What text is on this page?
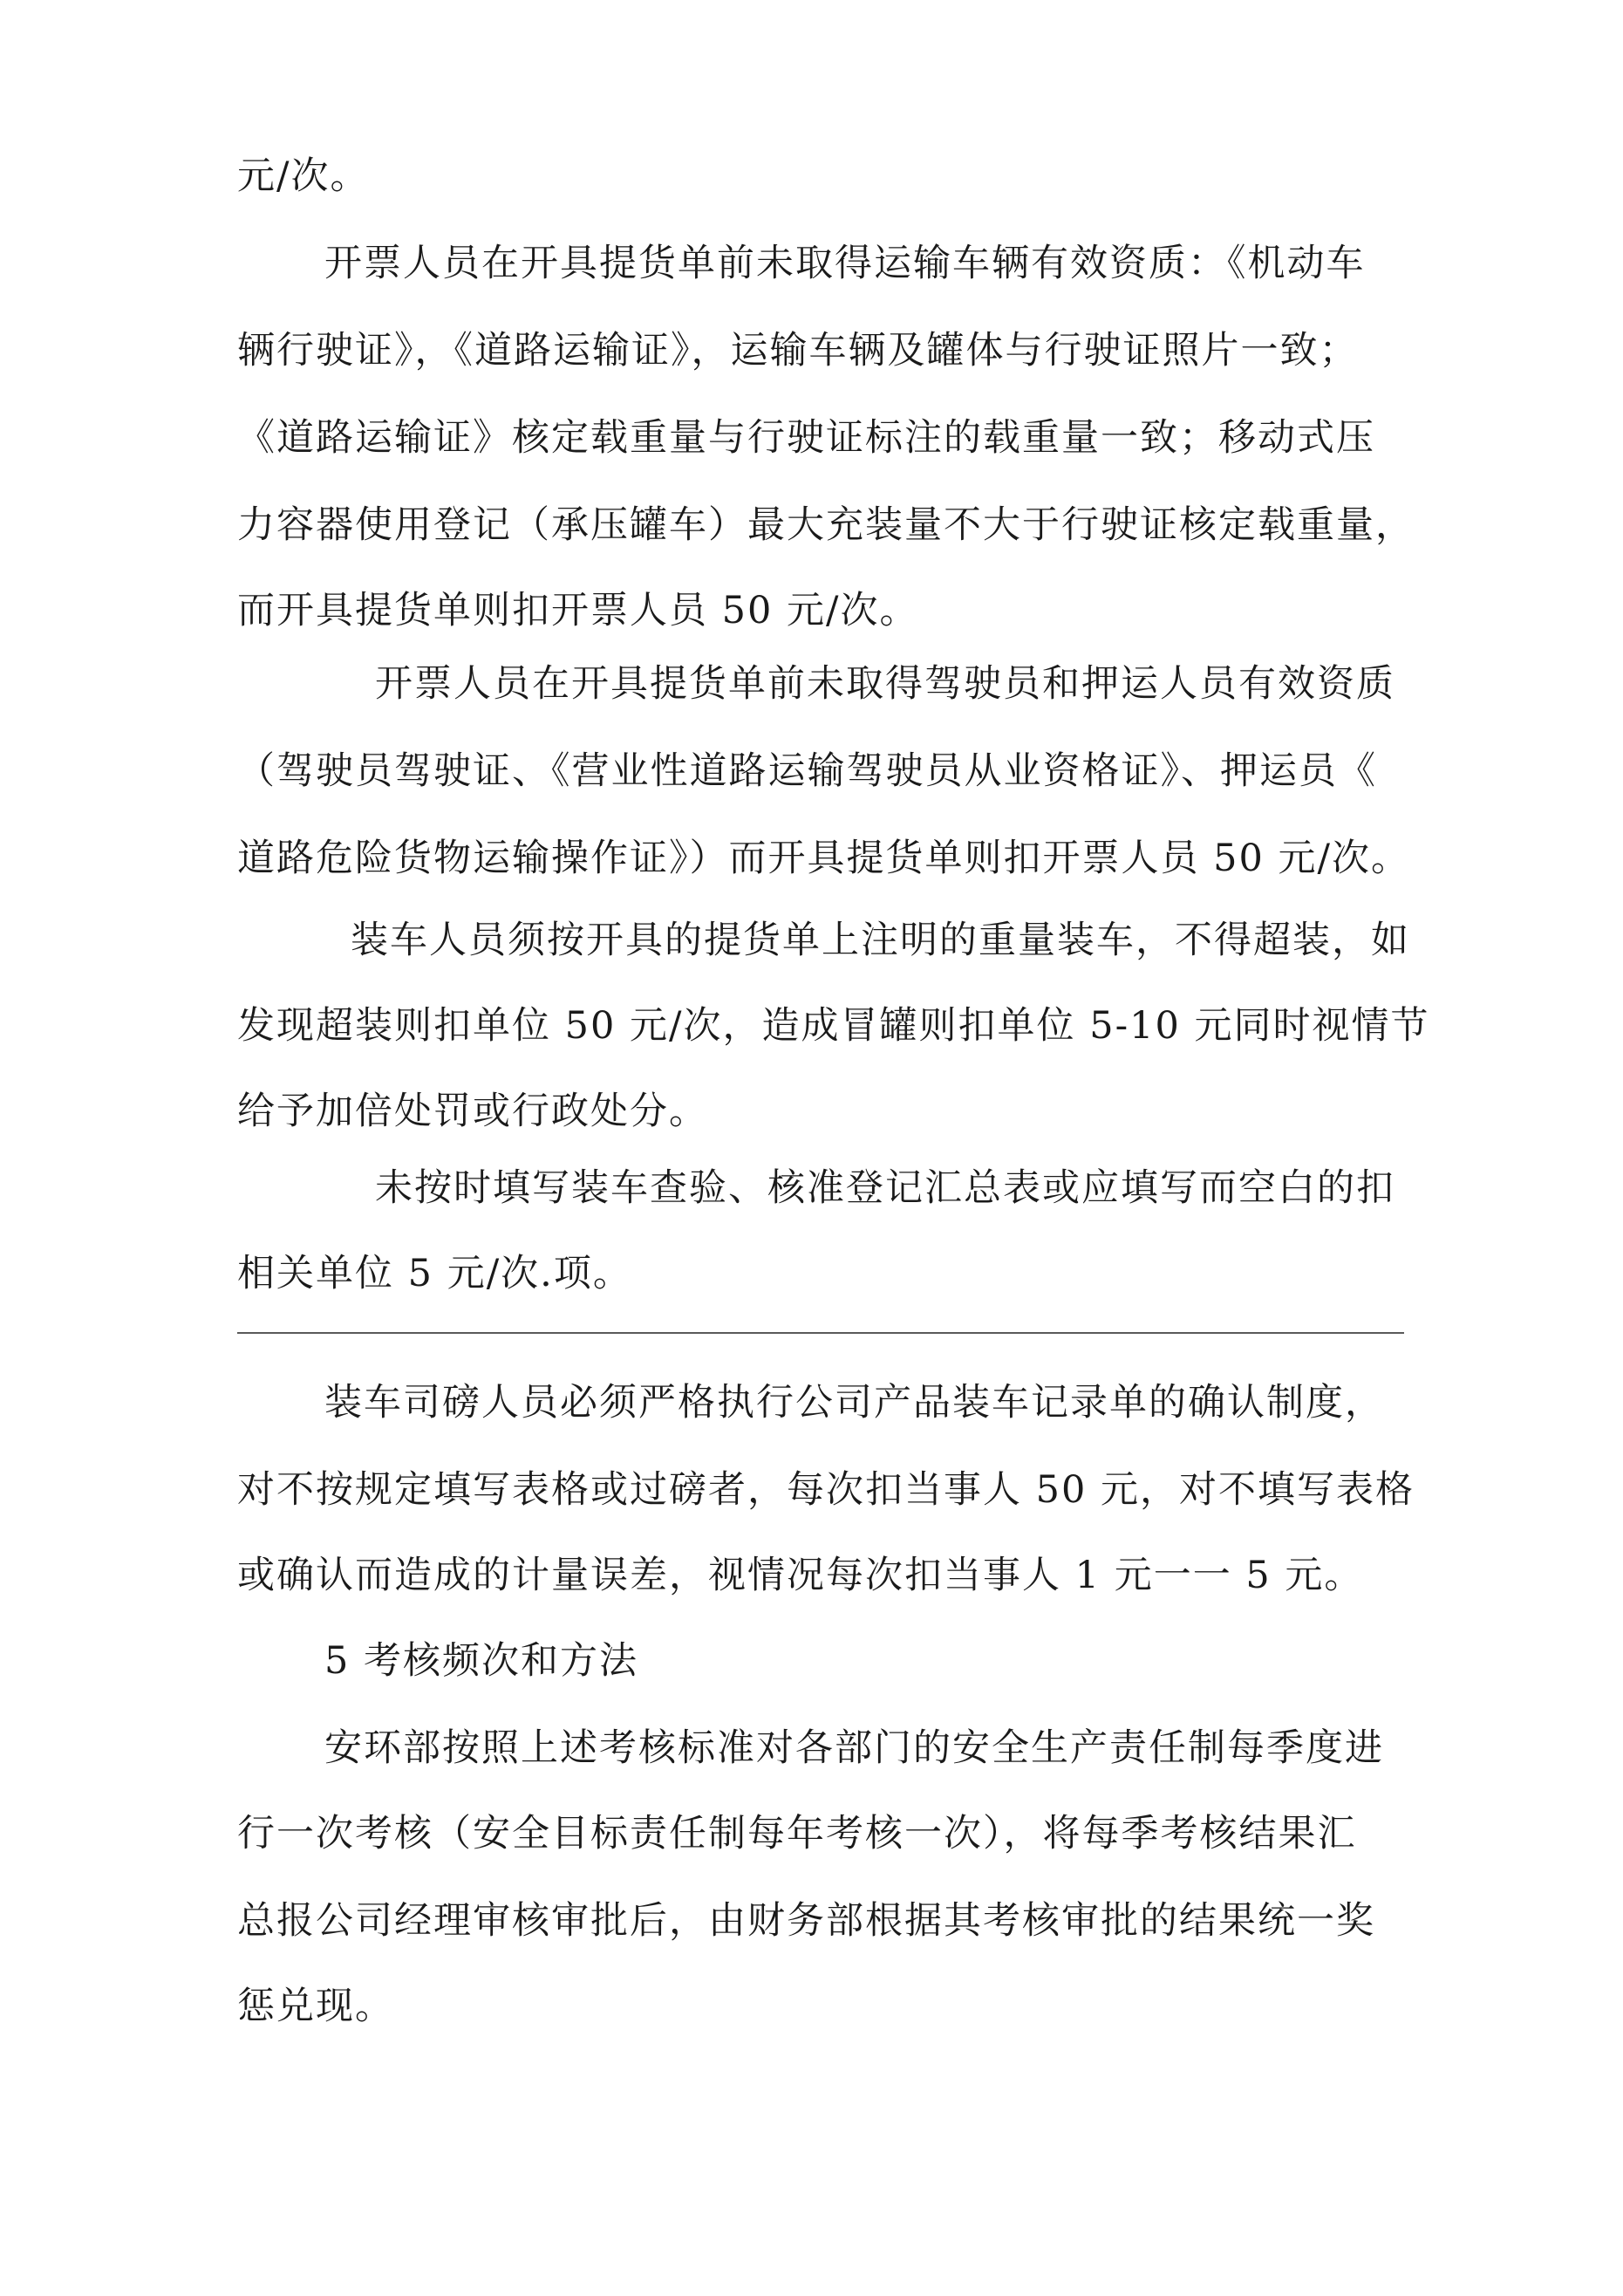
元/次。
开票人员在开具提货单前未取得运输车辆有效资质：《机动车
辆行驶证》，《道路运输证》，运输车辆及罐体与行驶证照片一致；
《道路运输证》核定载重量与行驶证标注的载重量一致；移动式压
力容器使用登记（承压罐车）最大充装量不大于行驶证核定载重量，
而开具提货单则扣开票人员 50 元/次。
开票人员在开具提货单前未取得驾驶员和押运人员有效资质
（驾驶员驾驶证、《营业性道路运输驾驶员从业资格证》、押运员《
道路危险货物运输操作证》）而开具提货单则扣开票人员 50 元/次。
装车人员须按开具的提货单上注明的重量装车，不得超装，如
发现超装则扣单位 50 元/次，造成冒罐则扣单位 5-10 元同时视情节
给予加倍处罚或行政处分。
未按时填写装车查验、核准登记汇总表或应填写而空白的扣
相关单位 5 元/次.项。
装车司磅人员必须严格执行公司产品装车记录单的确认制度，
对不按规定填写表格或过磅者，每次扣当事人 50 元，对不填写表格
或确认而造成的计量误差，视情况每次扣当事人 1 元一一 5 元。
5 考核频次和方法
安环部按照上述考核标准对各部门的安全生产责任制每季度进
行一次考核（安全目标责任制每年考核一次），将每季考核结果汇
总报公司经理审核审批后，由财务部根据其考核审批的结果统一奖
惩兑现。
